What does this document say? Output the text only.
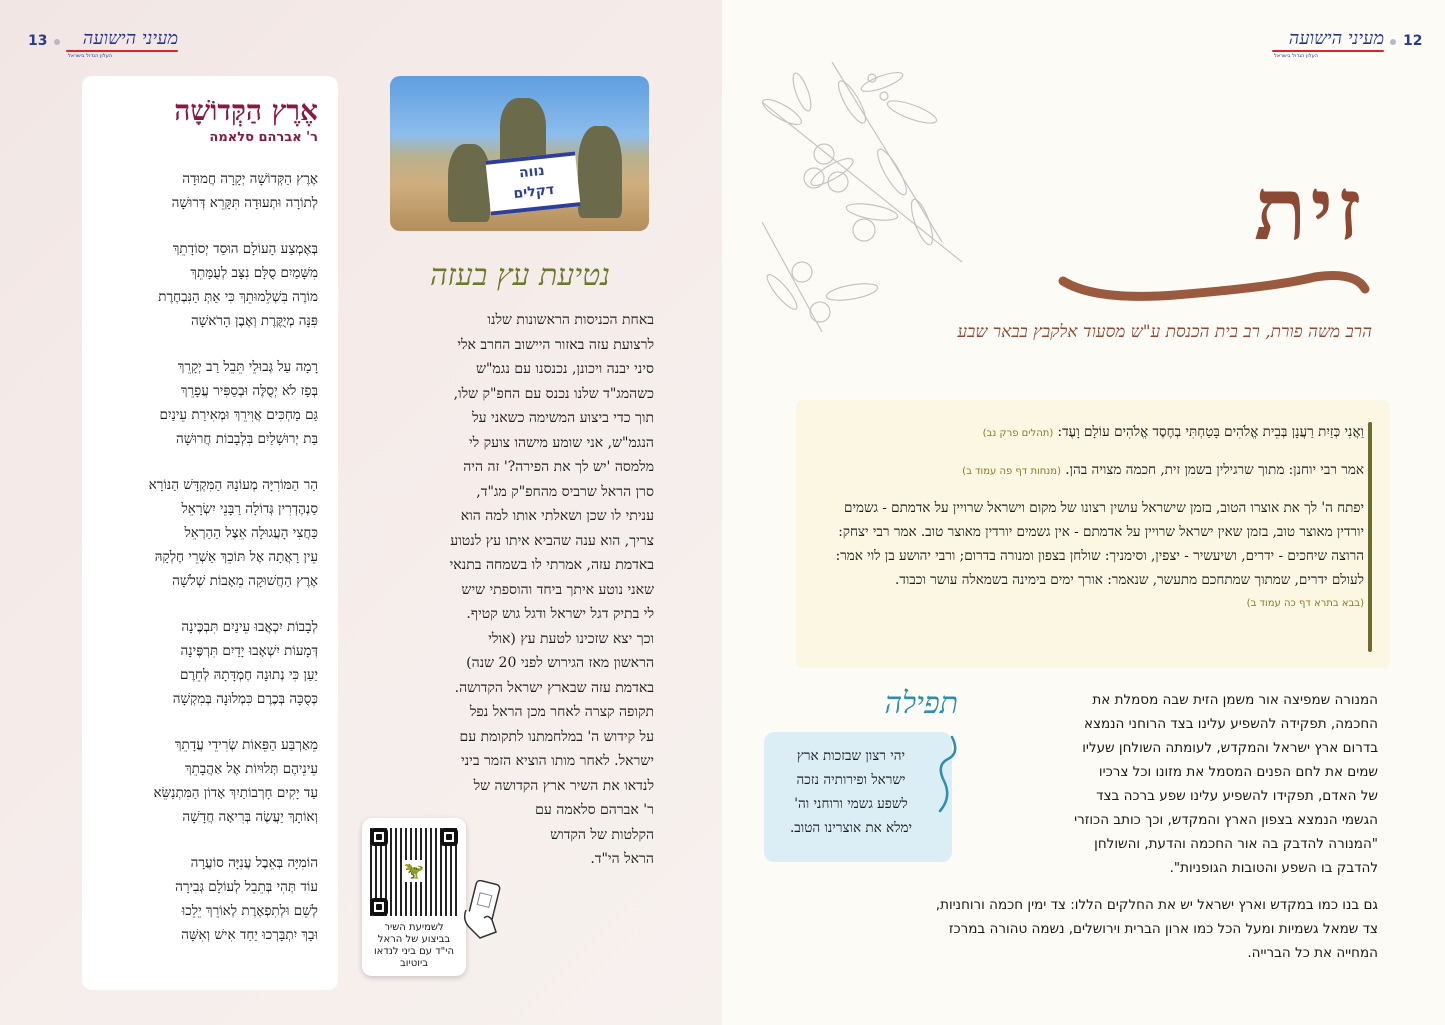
13 מעיני הישועה
העלון הגדול בישראל
אֶרֶץ הַקְּדוֹשָׁה
ר' אברהם סלאמה
אֶרֶץ הַקְּדוֹשָׁה יְקָרָה חֲמוּדָה
לְתוֹרָה וּתְעוּדָה תִּקָּרֵא דְּרוּשָׁה
בְּאֶמְצַע הָעוֹלָם הוּסַד יְסוֹדָתֵךְ
מִשָּׁמַיִם סֻלָּם נִצָּב לְעֻמָּתֵךְ
מוֹרֶה בִּשְׁלֵמוּתֵךְ כִּי אַתְּ הַנִּבְחֶרֶת
פִּנָּה מְיֻקֶּרֶת וְאֶבֶן הָרֹאשָׁה
רָמָה עַל גְּבוּלֵי תֵּבֵל רַב יְקָרֵךְ
בְּפָז לֹא יְסֻלֶּה וּבְסַפִּיר עֲפָרֵךְ
גַּם מַחְכִּים אֲוִירֵךְ וּמְאִירַת עֵינַיִם
בַּת יְרוּשָׁלַיִם בִּלְבָבוֹת חֲרוּשָׁה
הַר הַמּוֹרִיָּה מְעוֹנָהּ הַמִּקְדָּשׁ הַנּוֹרָא
סַנְהֶדְרִין גְּדוֹלָה רַבָּנֵי יִשְׂרָאֵל
כַּחֲצִי הָעֲגוּלָה אֵצֶל הַהַרְאֵל
עֵין רָאֲתָה אֶל תּוֹכֵךְ אַשְׁרֵי חֶלְקָהּ
אֶרֶץ הַחֲשׁוּקָה מֵאָבוֹת שְׁלֹשָׁה
לְבָבוֹת יִכְאֲבוּ עֵינַיִם תִּבְכֶּינָה
דְּמָעוֹת יִשְׁאָבוּ יָדַיִם תִּרְפֶּינָה
יַעַן כִּי נְתוּנָה חֶמְדָּתָהּ לְחֵרֶם
כְּסֻכָּה בְּכֶרֶם כִּמְלוּנָה בְּמִקְשָׁה
מֵאַרְבַּע הַפֵּאוֹת שְׂרִידֵי עֲדָתֵךְ
עֵינֵיהֶם תְּלוּיוֹת אֶל אַהֲבָתֵךְ
עַד יָקִים חָרְבוֹתַיִךְ אָדוֹן הַמִּתְנַשֵּׂא
וְאוֹתָךְ יַעֲשֶׂה בְּרִיאָה חֲדָשָׁה
הוֹמִיָּה בְּאֵבֶל עֲנִיָּה סוֹעֲרָה
עוֹד תְּהִי בְּתֵבֵל לְעוֹלָם גְּבִירָה
לְשֵׁם וּלְתִפְאֶרֶת לְאוֹרֵךְ יֵלֵכוּ
וּבָךְ יִתְבָּרְכוּ יַחַד אִישׁ וְאִשָּׁה
נווה
דקלים
נטיעת עץ בעזה
באחת הכניסות הראשונות שלנו
לרצועת עזה באזור היישוב החרב אלי
סיני יבנה ויכונן, נכנסנו עם נגמ"ש
כשהמג"ד שלנו נכנס עם החפ"ק שלו,
תוך כדי ביצוע המשימה כשאני על
הנגמ"ש, אני שומע מישהו צועק לי
מלמסה 'יש לך את הפירה?' זה היה
סרן הראל שרביס מהחפ"ק מג"ד,
עניתי לו שכן ושאלתי אותו למה הוא
צריך, הוא ענה שהביא איתו עץ לנטוע
באדמת עזה, אמרתי לו בשמחה בתנאי
שאני נוטע איתך ביחד והוספתי שיש
לי בתיק דגל ישראל ודגל גוש קטיף.
וכך יצא שזכינו לטעת עץ (אולי
הראשון מאז הגירוש לפני 20 שנה)
באדמת עזה שבארץ ישראל הקדושה.
תקופה קצרה לאחר מכן הראל נפל
על קידוש ה' במלחמתנו לתקומת עם
ישראל. לאחר מותו הוציא הזמר ביני
לנדאו את השיר ארץ הקדושה של
ר' אברהם סלאמה עם
הקלטות של הקדוש
הראל הי"ד.
🦖
לשמיעת השיר
בביצוע של הראל
הי"ד עם ביני לנדאו
ביוטיוב
מעיני הישועה
העלון הגדול בישראל
12
זית
הרב משה פורת, רב בית הכנסת ע"ש מסעוד אלקבץ בבאר שבע

וַאֲנִי כְּזַיִת רַעֲנָן בְּבֵית אֱלֹהִים בָּטַחְתִּי בְחֶסֶד אֱלֹהִים עוֹלָם וָעֶד: (תהלים פרק נב)

אמר רבי יוחנן: מתוך שרגילין בשמן זית, חכמה מצויה בהן. (מנחות דף פה עמוד ב)

יפתח ה' לך את אוצרו הטוב, בזמן שישראל עושין רצונו של מקום וישראל שרויין על אדמתם - גשמים יורדין מאוצר טוב, בזמן שאין ישראל שרויין על אדמתם - אין גשמים יורדין מאוצר טוב. אמר רבי יצחק: הרוצה שיחכים - ידרים, ושיעשיר - יצפין, וסימניך: שולחן בצפון ומנורה בדרום; ורבי יהושע בן לוי אמר: לעולם ידרים, שמתוך שמתחכם מתעשר, שנאמר: אורך ימים בימינה בשמאלה עושר וכבוד.
(בבא בתרא דף כה עמוד ב)

תפילה
יהי רצון שבזכות ארץ
ישראל ופירותיה נזכה
לשפע גשמי ורוחני וה'
ימלא את אוצרינו הטוב.
המנורה שמפיצה אור משמן הזית שבה מסמלת את
החכמה, תפקידה להשפיע עלינו בצד הרוחני הנמצא
בדרום ארץ ישראל והמקדש, לעומתה השולחן שעליו
שמים את לחם הפנים המסמל את מזונו וכל צרכיו
של האדם, תפקידו להשפיע עלינו שפע ברכה בצד
הגשמי הנמצא בצפון הארץ והמקדש, וכך כותב הכוזרי
"המנורה להדבק בה אור החכמה והדעת, והשולחן
להדבק בו השפע והטובות הגופניות".
גם בנו כמו במקדש וארץ ישראל יש את החלקים הללו: צד ימין חכמה ורוחניות,
צד שמאל גשמיות ומעל הכל כמו ארון הברית וירושלים, נשמה טהורה במרכז
המחייה את כל הברייה.
